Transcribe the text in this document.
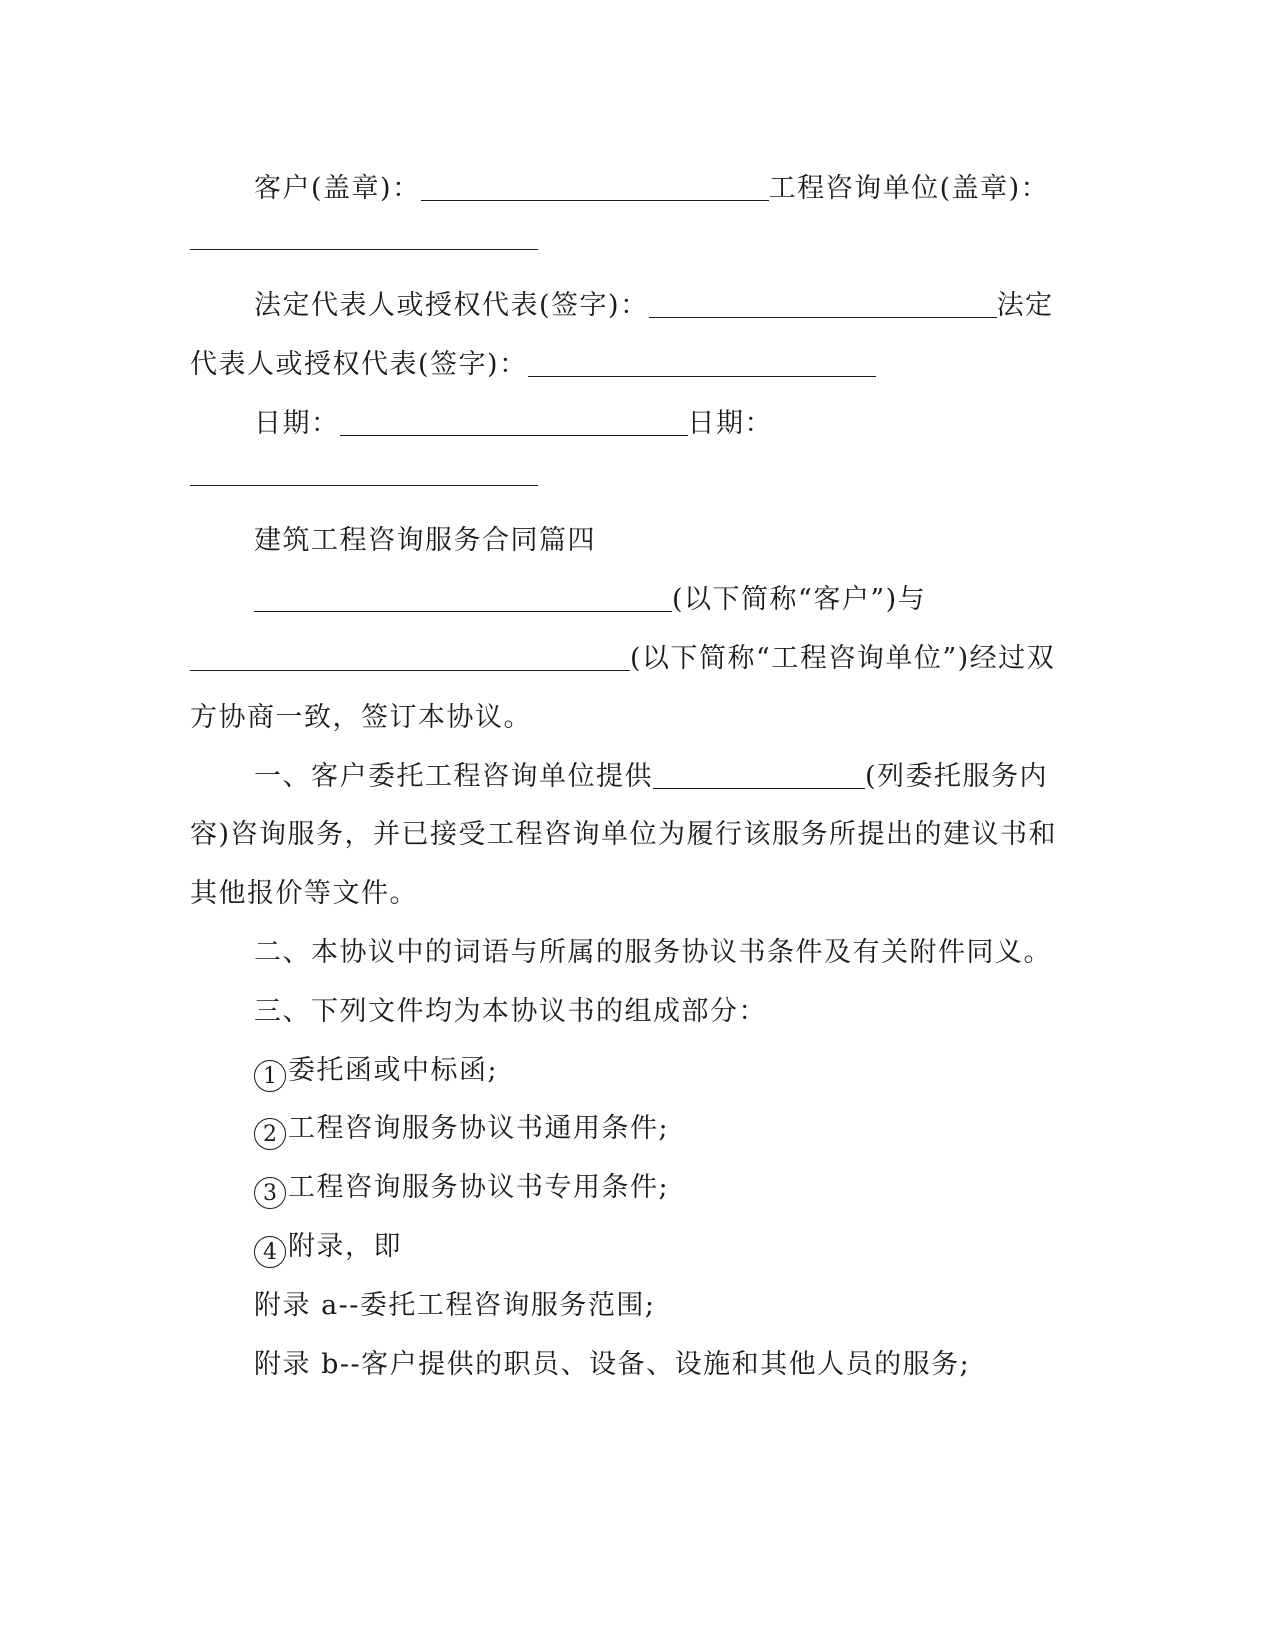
客户(盖章)：	工程咨询单位(盖章)：
法定代表人或授权代表(签字)：	法定
代表人或授权代表(签字)：
日期：	日期：
建筑工程咨询服务合同篇四
(以下简称“客户”)与
(以下简称“工程咨询单位”)经过双
方协商一致，签订本协议。
一、客户委托工程咨询单位提供	(列委托服务内
容)咨询服务，并已接受工程咨询单位为履行该服务所提出的建议书和
其他报价等文件。
二、本协议中的词语与所属的服务协议书条件及有关附件同义。
三、下列文件均为本协议书的组成部分：
1 委托函或中标函;
2 工程咨询服务协议书通用条件;
3 工程咨询服务协议书专用条件;
4 附录，即
附录 a--委托工程咨询服务范围;
附录 b--客户提供的职员、设备、设施和其他人员的服务;
